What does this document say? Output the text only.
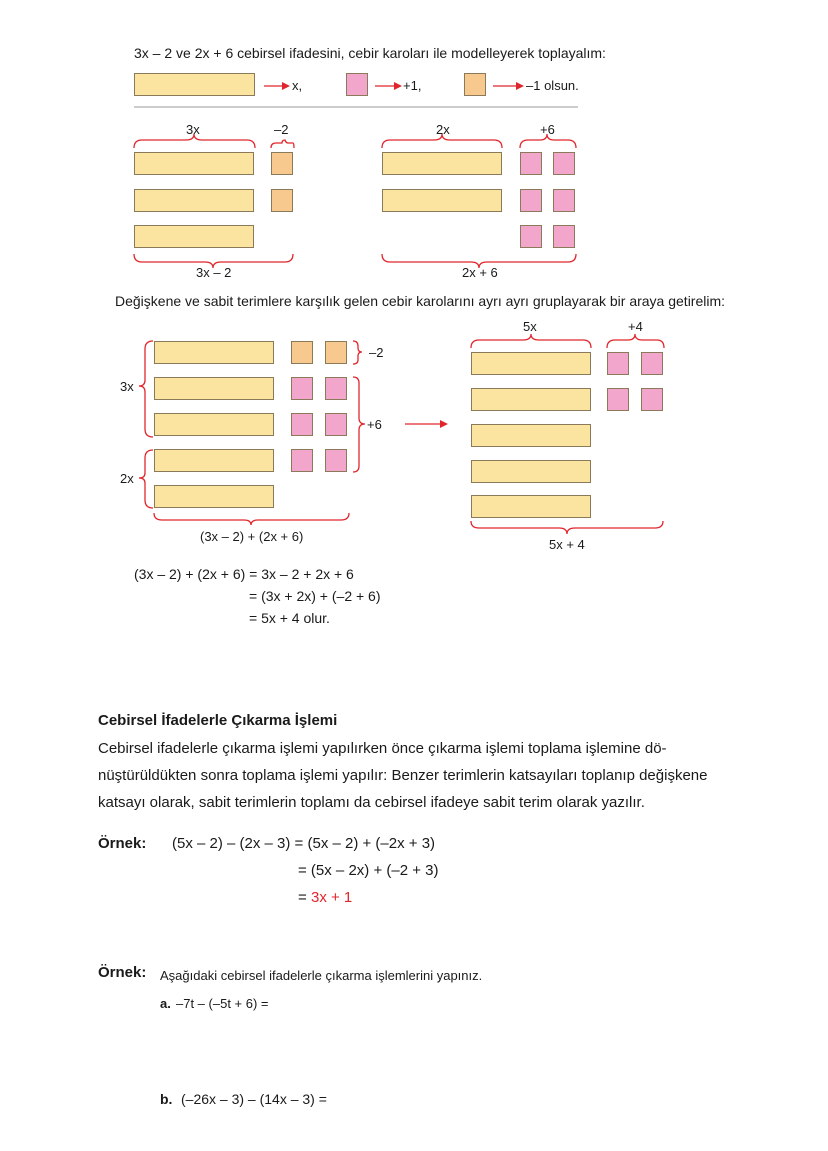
3x – 2 ve 2x + 6 cebirsel ifadesini, cebir karoları ile modelleyerek toplayalım:
x,	+1,	–1 olsun.
3x	–2
3x – 2
2x	+6
2x + 6
Değişkene ve sabit terimlere karşılık gelen cebir karolarını ayrı ayrı gruplayarak bir araya getirelim:
3x
2x
–2
+6
(3x – 2) + (2x + 6)
5x	+4
5x + 4
(3x – 2) + (2x + 6) = 3x – 2 + 2x + 6
= (3x + 2x) + (–2 + 6)
= 5x + 4 olur.
Cebirsel İfadelerle Çıkarma İşlemi
Cebirsel ifadelerle çıkarma işlemi yapılırken önce çıkarma işlemi toplama işlemine dö-
nüştürüldükten sonra toplama işlemi yapılır: Benzer terimlerin katsayıları toplanıp değişkene
katsayı olarak, sabit terimlerin toplamı da cebirsel ifadeye sabit terim olarak yazılır.
Örnek: (5x – 2) – (2x – 3) = (5x – 2) + (–2x + 3)
= (5x – 2x) + (–2 + 3)
= 3x + 1
Örnek: Aşağıdaki cebirsel ifadelerle çıkarma işlemlerini yapınız.
a. –7t – (–5t + 6) =
b. (–26x – 3) – (14x – 3) =
